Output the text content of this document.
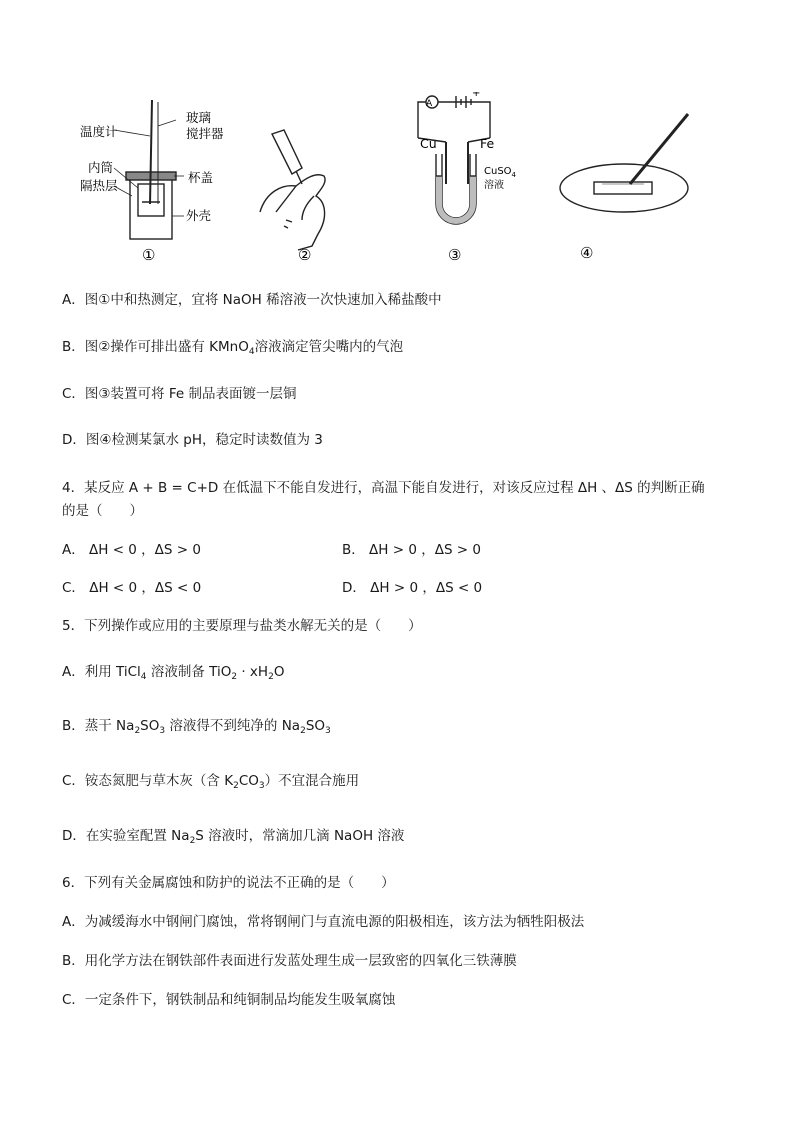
温度计
玻璃
搅拌器
内筒
杯盖
隔热层
外壳
①	②
A
+
Cu	Fe
CuSO$_4$
溶液
③	④
A．图①中和热测定，宜将 NaOH 稀溶液一次快速加入稀盐酸中
B．图②操作可排出盛有 KMnO$_4$溶液滴定管尖嘴内的气泡
C．图③装置可将 Fe 制品表面镀一层铜
D．图④检测某氯水 pH，稳定时读数值为 3
4．某反应 A + B = C+D 在低温下不能自发进行，高温下能自发进行，对该反应过程 ΔH 、ΔS 的判断正确
的是（　　）
A． ΔH < 0 ，ΔS > 0	B． ΔH > 0 ，ΔS > 0
C． ΔH < 0 ，ΔS < 0	D． ΔH > 0 ，ΔS < 0
5．下列操作或应用的主要原理与盐类水解无关的是（　　）
A．利用 TiCl$_4$ 溶液制备 $TiO_2 \cdot xH_2O$
B．蒸干 $Na_2SO_3$ 溶液得不到纯净的 $Na_2SO_3$
C．铵态氮肥与草木灰（含 $K_2CO_3$）不宜混合施用
D．在实验室配置 $Na_2S$ 溶液时，常滴加几滴 NaOH 溶液
6．下列有关金属腐蚀和防护的说法不正确的是（　　）
A．为减缓海水中钢闸门腐蚀，常将钢闸门与直流电源的阳极相连，该方法为牺牲阳极法
B．用化学方法在钢铁部件表面进行发蓝处理生成一层致密的四氧化三铁薄膜
C．一定条件下，钢铁制品和纯铜制品均能发生吸氧腐蚀
